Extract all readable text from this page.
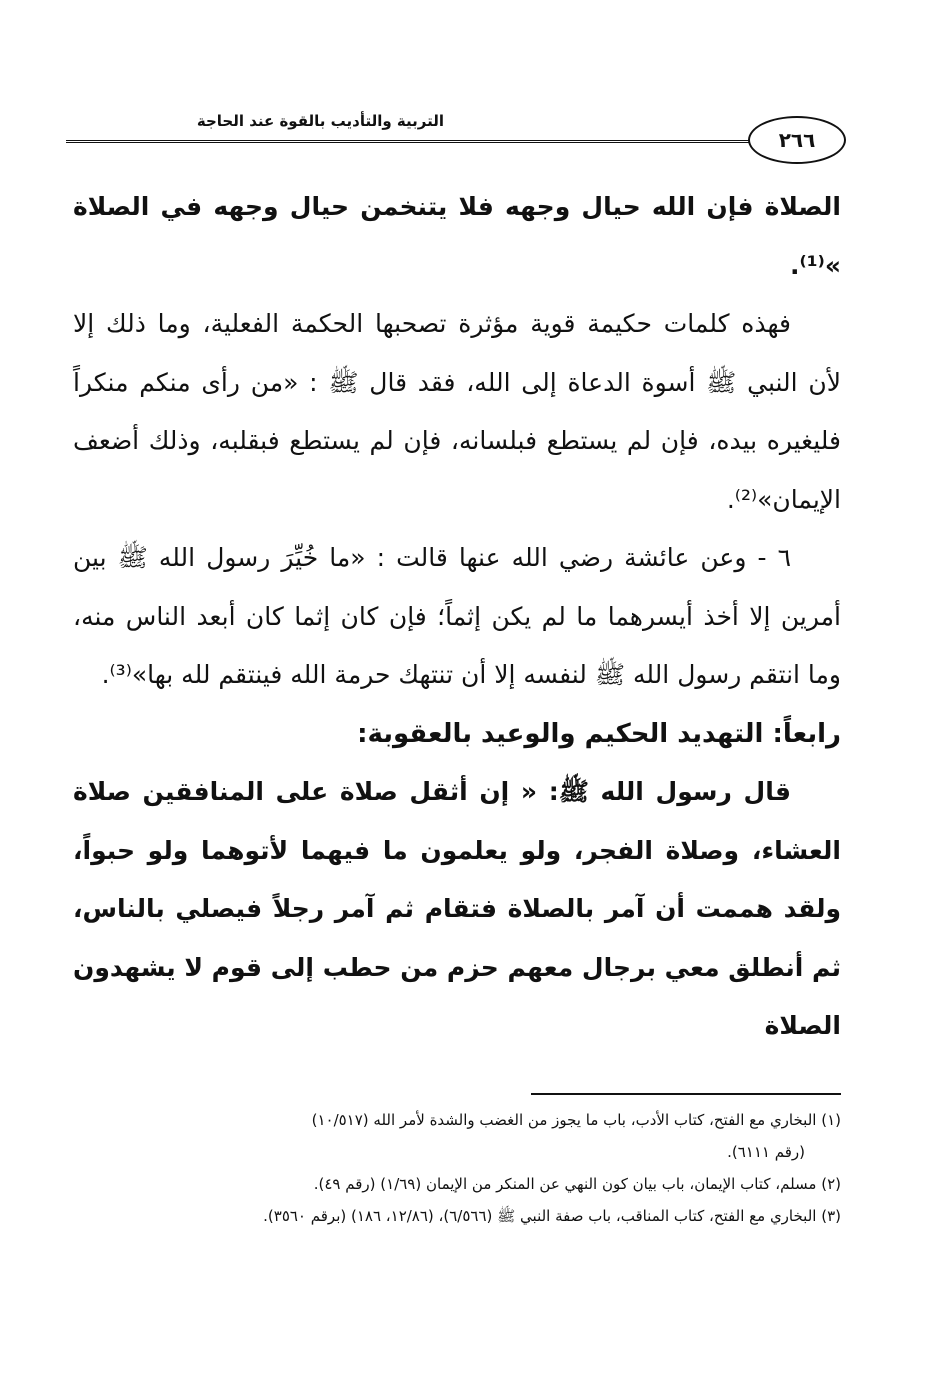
التربية والتأديب بالقوة عند الحاجة
٢٦٦

الصلاة فإن الله حيال وجهه فلا يتنخمن حيال وجهه في الصلاة »⁽¹⁾.

فهذه كلمات حكيمة قوية مؤثرة تصحبها الحكمة الفعلية، وما ذلك إلا لأن النبي ﷺ أسوة الدعاة إلى الله، فقد قال ﷺ : «من رأى منكم منكراً فليغيره بيده، فإن لم يستطع فبلسانه، فإن لم يستطع فبقلبه، وذلك أضعف الإيمان»⁽²⁾.

٦ - وعن عائشة رضي الله عنها قالت : «ما خُيِّرَ رسول الله ﷺ بين أمرين إلا أخذ أيسرهما ما لم يكن إثماً؛ فإن كان إثما كان أبعد الناس منه، وما انتقم رسول الله ﷺ لنفسه إلا أن تنتهك حرمة الله فينتقم لله بها»⁽³⁾.

رابعاً: التهديد الحكيم والوعيد بالعقوبة:

قال رسول الله ﷺ: « إن أثقل صلاة على المنافقين صلاة العشاء، وصلاة الفجر، ولو يعلمون ما فيهما لأتوهما ولو حبواً، ولقد هممت أن آمر بالصلاة فتقام ثم آمر رجلاً فيصلي بالناس، ثم أنطلق معي برجال معهم حزم من حطب إلى قوم لا يشهدون الصلاة

(١) البخاري مع الفتح، كتاب الأدب، باب ما يجوز من الغضب والشدة لأمر الله (١٠/٥١٧)
(رقم ٦١١١).

(٢) مسلم، كتاب الإيمان، باب بيان كون النهي عن المنكر من الإيمان (١/٦٩) (رقم ٤٩).

(٣) البخاري مع الفتح، كتاب المناقب، باب صفة النبي ﷺ (٦/٥٦٦)، (١٢/٨٦، ١٨٦) (برقم ٣٥٦٠).
